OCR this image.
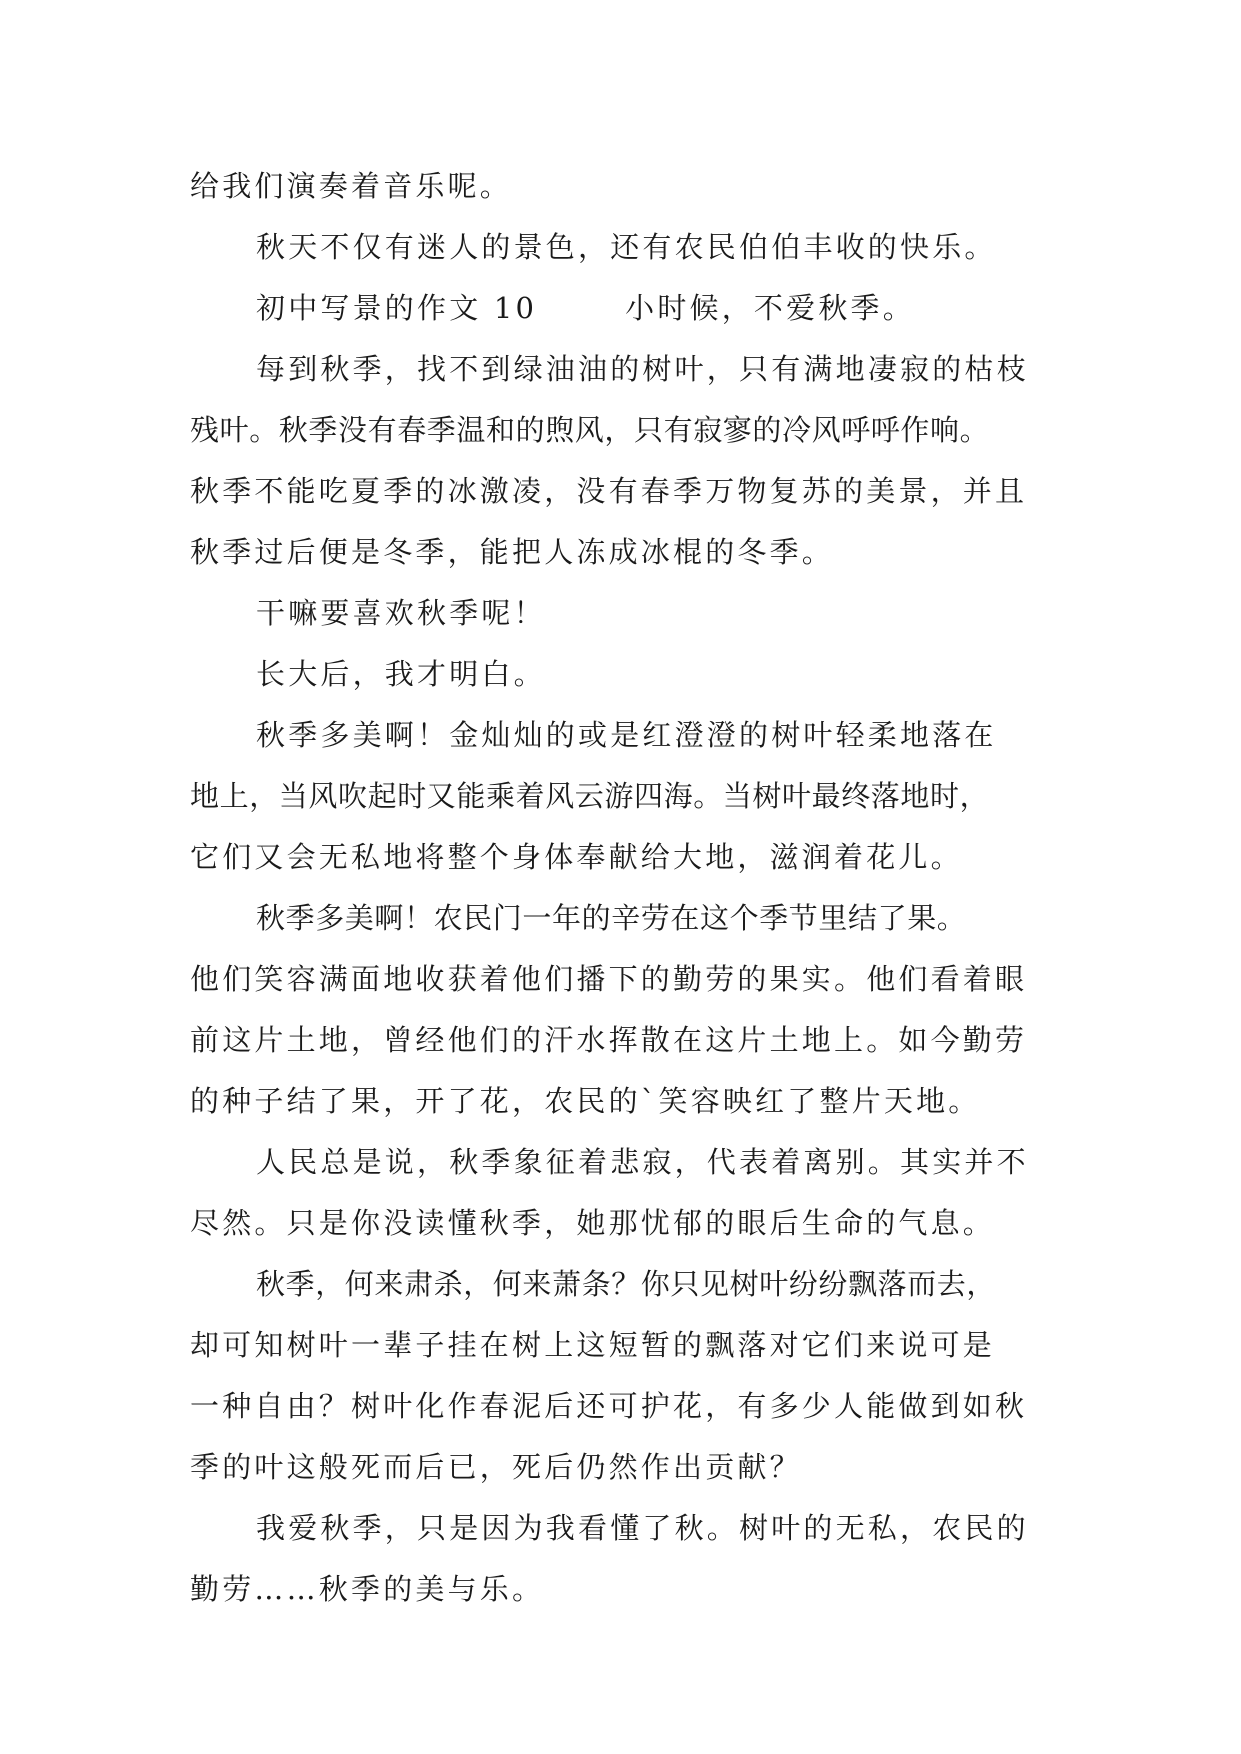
给我们演奏着音乐呢。
秋天不仅有迷人的景色，还有农民伯伯丰收的快乐。
初中写景的作文 10	小时候，不爱秋季。
每到秋季，找不到绿油油的树叶，只有满地凄寂的枯枝
残叶。秋季没有春季温和的煦风，只有寂寥的冷风呼呼作响。
秋季不能吃夏季的冰激凌，没有春季万物复苏的美景，并且
秋季过后便是冬季，能把人冻成冰棍的冬季。
干嘛要喜欢秋季呢！
长大后，我才明白。
秋季多美啊！金灿灿的或是红澄澄的树叶轻柔地落在
地上，当风吹起时又能乘着风云游四海。当树叶最终落地时，
它们又会无私地将整个身体奉献给大地，滋润着花儿。
秋季多美啊！农民门一年的辛劳在这个季节里结了果。
他们笑容满面地收获着他们播下的勤劳的果实。他们看着眼
前这片土地，曾经他们的汗水挥散在这片土地上。如今勤劳
的种子结了果，开了花，农民的`笑容映红了整片天地。
人民总是说，秋季象征着悲寂，代表着离别。其实并不
尽然。只是你没读懂秋季，她那忧郁的眼后生命的气息。
秋季，何来肃杀，何来萧条？你只见树叶纷纷飘落而去，
却可知树叶一辈子挂在树上这短暂的飘落对它们来说可是
一种自由？树叶化作春泥后还可护花，有多少人能做到如秋
季的叶这般死而后已，死后仍然作出贡献？
我爱秋季，只是因为我看懂了秋。树叶的无私，农民的
勤劳……秋季的美与乐。
